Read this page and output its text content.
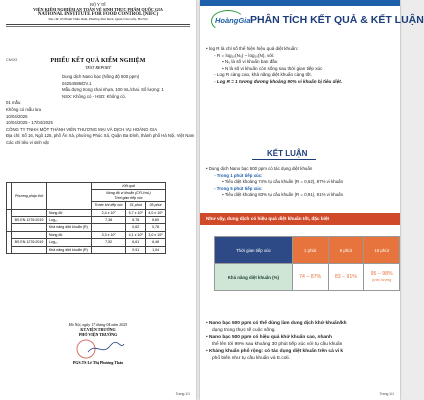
BỘ Y TẾ
VIỆN KIỂM NGHIỆM AN TOÀN VỆ SINH THỰC PHẨM QUỐC GIA
NATIONAL INSTITUTE FOR FOOD CONTROL (NIFC)
Địa chỉ: 65 Phạm Thận Duật, Phường Mai Dịch, Quận Cầu Giấy, Hà Nội
CNOG	PHIẾU KẾT QUẢ KIỂM NGHIỆM
TEST REPORT
Dung dịch Nano bạc (Nồng độ 500 ppm) 04254586/DV.1 Mẫu đựng trong chai nhựa, 100 mL/chai. Số lượng: 1 NSX: Không có - HSD: Không có.
01 mẫu
Không có mẫu lưu
10/04/2025
10/04/2025 - 17/04/2025
CÔNG TY TNHH MỘT THÀNH VIÊN THƯƠNG MẠI VÀ DỊCH VỤ HOÀNG GIA
Địa chỉ: Số 16, Ngõ 125, phố Ấn Xá, phường Phúc Xá, Quận Ba Đình, thành phố Hà Nội, Việt Nam
Các chỉ tiêu vi sinh vật
	Phương pháp thử		Kết quả		
			Nồng độ vi khuẩn (CFU/mL)
Thời gian tiếp xúc		
			Trước khi tiếp xúc	01 phút	05 phút
		Nồng độ	2,4 x 10⁷	5,7 x 10⁶	4,0 x 10⁶
	BS EN 1276:2019	Log₁₀	7,38	6,76	6,60
		Khả năng diệt khuẩn (R)		0,62	0,78
		Nồng độ	3,3 x 10⁷	4,1 x 10⁶	3,0 x 10⁶
	BS EN 1276:2019	Log₁₀	7,52	6,61	6,48
		Khả năng diệt khuẩn (R)		0,91	1,04
Hà Nội, ngày 17 tháng 04 năm 2025
KT.VIỆN TRƯỞNG
PHÓ VIỆN TRƯỞNG
PGS.TS Lê Thị Phương Thảo
Trang 1/1
HoàngGia PHÂN TÍCH KẾT QUẢ & KẾT LUẬN
• log R là chỉ số thể hiện hiệu quả diệt khuẩn:
◦ R = log₁₀(N₀) – log₁₀(N), với:
▪ N₀ là số vi khuẩn ban đầu
▪ N là số vi khuẩn còn sống sau thời gian tiếp xúc
◦ Log R càng cao, khả năng diệt khuẩn càng tốt.
◦ Log R = 1 tương đương khoảng 90% vi khuẩn bị tiêu diệt.
KẾT LUẬN
• Dung dịch Nano bạc 500 ppm có tác dụng diệt khuẩn
◦ Trong 1 phút tiếp xúc:
▪ Tiêu diệt khoảng 74% tụ cầu khuẩn (R = 0,62), 87% vi khuẩn
◦ Trong 5 phút tiếp xúc:
▪ Tiêu diệt khoảng 83% tụ cầu khuẩn (R = 0,91), 91% vi khuẩn
Như vậy, dung dịch có hiệu quả diệt khuẩn tốt, đặc biệt
Thời gian tiếp xúc	1 phút	5 phút	15 phút
Khả năng diệt khuẩn (%)	74 – 87%	83 – 91%	95 – 98%
(ước lượng
• Nano bạc 500 ppm có thể dùng làm dung dịch khử khuẩn/kh
dụng trong thực tế cuộc sống.
• Nano bạc 500 ppm có hiệu quả khử khuẩn cao, nhanh
thể lên tới 99% sau khoảng 30 phút tiếp xúc với tụ cầu khuẩn
• Kháng khuẩn phổ rộng: có tác dụng diệt khuẩn trên cả vi k
phổ biến như tụ cầu khuẩn và E.coli.
Trang 1/1
